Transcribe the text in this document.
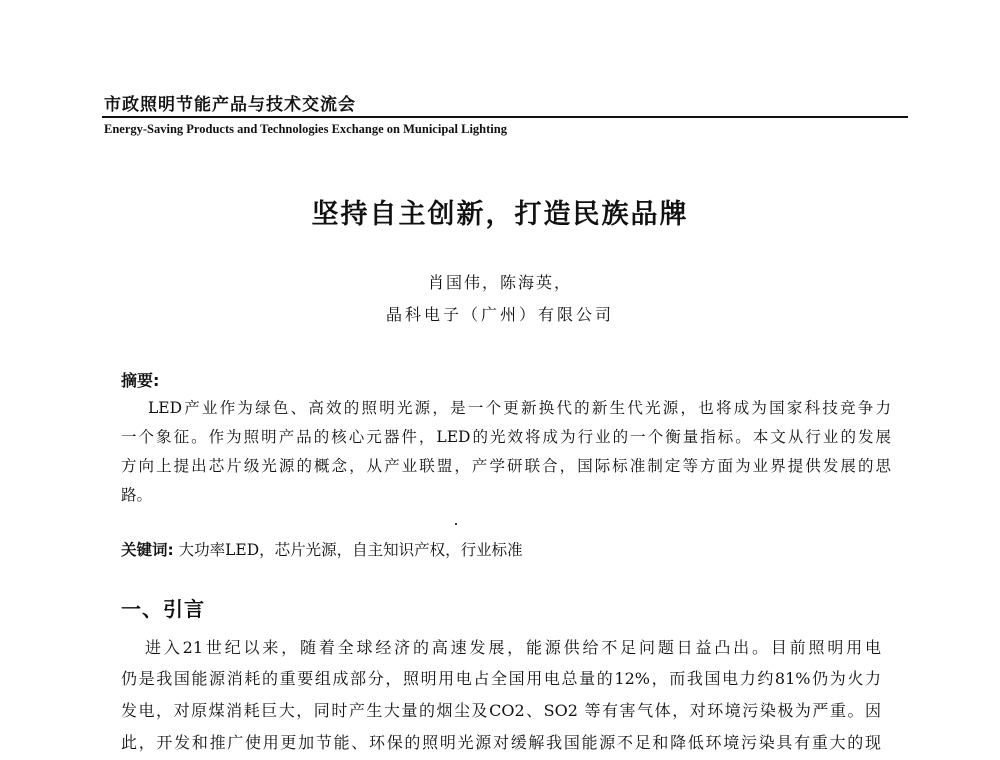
市政照明节能产品与技术交流会
Energy-Saving Products and Technologies Exchange on Municipal Lighting
坚持自主创新，打造民族品牌
肖国伟，陈海英，
晶科电子（广州）有限公司
摘要:
LED产业作为绿色、高效的照明光源，是一个更新换代的新生代光源，也将成为国家科技竞争力
一个象征。作为照明产品的核心元器件，LED的光效将成为行业的一个衡量指标。本文从行业的发展
方向上提出芯片级光源的概念，从产业联盟，产学研联合，国际标准制定等方面为业界提供发展的思
路。
关键词: 大功率LED，芯片光源，自主知识产权，行业标准
一、引言
进入21世纪以来，随着全球经济的高速发展，能源供给不足问题日益凸出。目前照明用电
仍是我国能源消耗的重要组成部分，照明用电占全国用电总量的12%，而我国电力约81%仍为火力
发电，对原煤消耗巨大，同时产生大量的烟尘及CO2、SO2 等有害气体，对环境污染极为严重。因
此，开发和推广使用更加节能、环保的照明光源对缓解我国能源不足和降低环境污染具有重大的现
